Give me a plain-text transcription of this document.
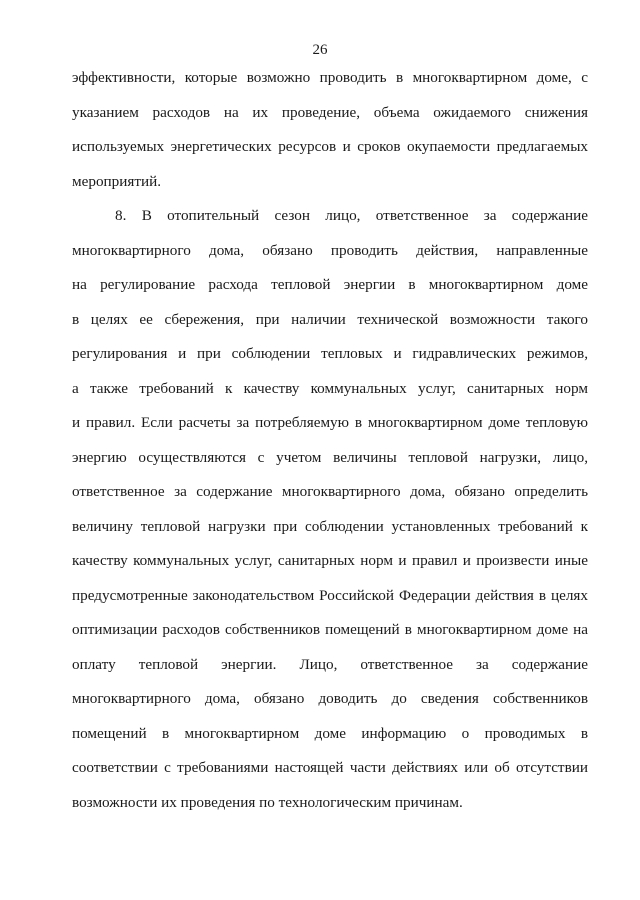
26
эффективности, которые возможно проводить в многоквартирном доме, с
указанием расходов на их проведение, объема ожидаемого снижения
используемых энергетических ресурсов и сроков окупаемости предлагаемых
мероприятий.
8. В отопительный сезон лицо, ответственное за содержание
многоквартирного дома, обязано проводить действия, направленные
на регулирование расхода тепловой энергии в многоквартирном доме
в целях ее сбережения, при наличии технической возможности такого
регулирования и при соблюдении тепловых и гидравлических режимов,
а также требований к качеству коммунальных услуг, санитарных норм
и правил. Если расчеты за потребляемую в многоквартирном доме тепловую
энергию осуществляются с учетом величины тепловой нагрузки, лицо,
ответственное за содержание многоквартирного дома, обязано определить
величину тепловой нагрузки при соблюдении установленных требований к
качеству коммунальных услуг, санитарных норм и правил и произвести иные
предусмотренные законодательством Российской Федерации действия в целях
оптимизации расходов собственников помещений в многоквартирном доме на
оплату тепловой энергии. Лицо, ответственное за содержание
многоквартирного дома, обязано доводить до сведения собственников
помещений в многоквартирном доме информацию о проводимых в
соответствии с требованиями настоящей части действиях или об отсутствии
возможности их проведения по технологическим причинам.
